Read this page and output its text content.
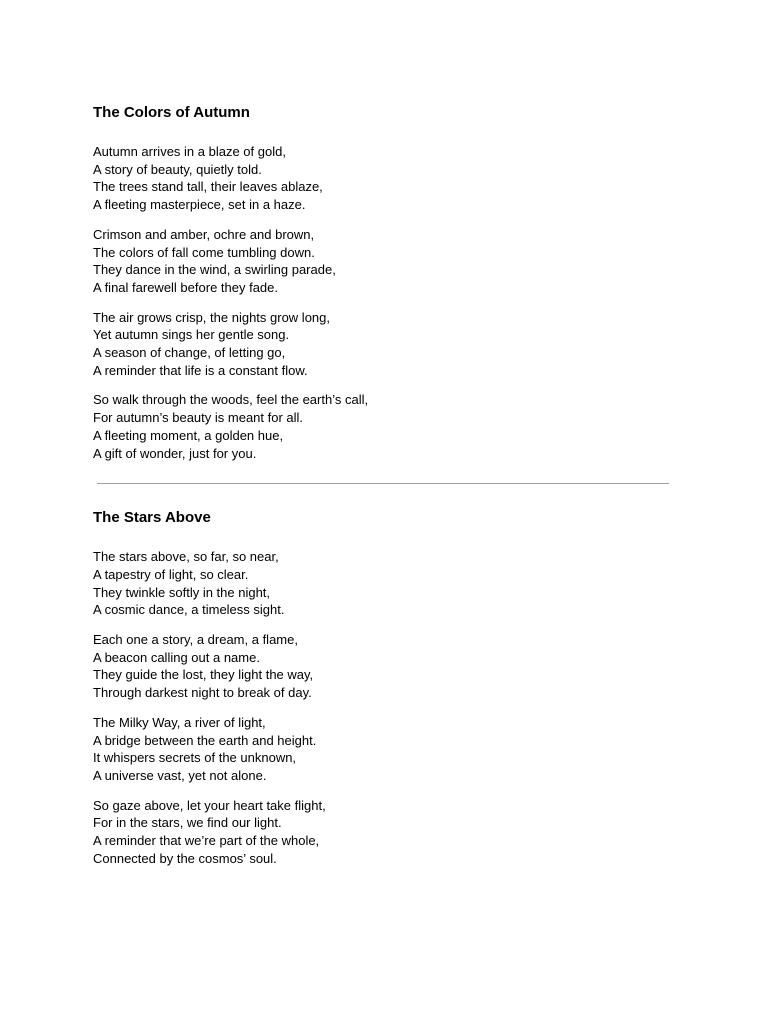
The Colors of Autumn

Autumn arrives in a blaze of gold,
A story of beauty, quietly told.
The trees stand tall, their leaves ablaze,
A fleeting masterpiece, set in a haze.

Crimson and amber, ochre and brown,
The colors of fall come tumbling down.
They dance in the wind, a swirling parade,
A final farewell before they fade.

The air grows crisp, the nights grow long,
Yet autumn sings her gentle song.
A season of change, of letting go,
A reminder that life is a constant flow.

So walk through the woods, feel the earth’s call,
For autumn’s beauty is meant for all.
A fleeting moment, a golden hue,
A gift of wonder, just for you.

The Stars Above

The stars above, so far, so near,
A tapestry of light, so clear.
They twinkle softly in the night,
A cosmic dance, a timeless sight.

Each one a story, a dream, a flame,
A beacon calling out a name.
They guide the lost, they light the way,
Through darkest night to break of day.

The Milky Way, a river of light,
A bridge between the earth and height.
It whispers secrets of the unknown,
A universe vast, yet not alone.

So gaze above, let your heart take flight,
For in the stars, we find our light.
A reminder that we’re part of the whole,
Connected by the cosmos’ soul.
